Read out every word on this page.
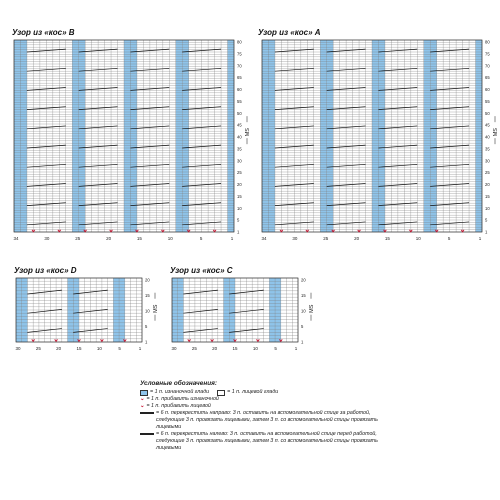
Узор из «кос» B
34	30	25	20	15	10	5	1
80
75
70
65
60
55
50
45
40
35
30
25
20
15
10
5
1
MS
Узор из «кос» A
34	30	25	20	15	10	5	1
80
75
70
65
60
55
50
45
40
35
30
25
20
15
10
5
1
MS
Узор из «кос» D
30	25	20	15	10	5	1
20
15
10
5
1
MS
Узор из «кос» C
30	25	20	15	10	5	1
20
15
10
5
1
MS
Условные обозначения:
= 1 п. изнаночной глади	= 1 п. лицевой глади
⌄ = 1 п. прибавить изнаночной
⌄ = 1 п. прибавить лицевой
= 6 п. перекрестить направо: 3 п. оставить на вспомогательной спице за работой, следующие 3 п. провязать лицевыми, затем 3 п. со вспомогательной спицы провязать лицевыми
= 6 п. перекрестить налево: 3 п. оставить на вспомогательной спице перед работой, следующие 3 п. провязать лицевыми, затем 3 п. со вспомогательной спицы провязать лицевыми
